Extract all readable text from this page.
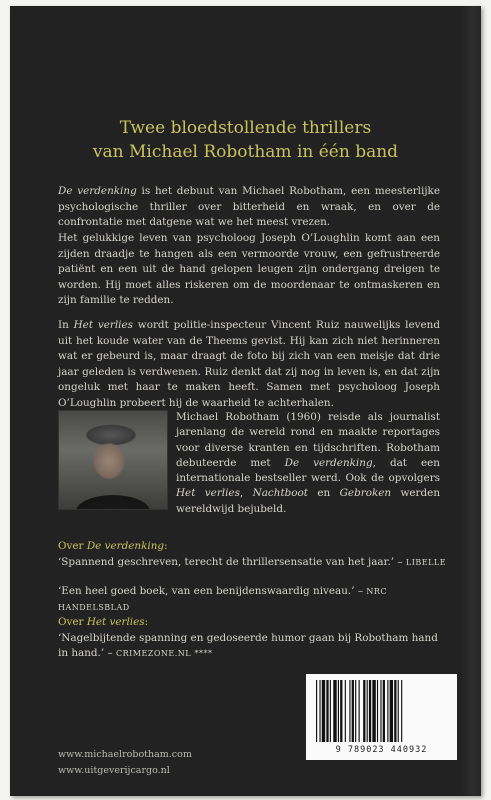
Twee bloedstollende thrillers
van Michael Robotham in één band

De verdenking is het debuut van Michael Robotham, een meesterlijke psychologische thriller over bitterheid en wraak, en over de confrontatie met datgene wat we het meest vrezen.

Het gelukkige leven van psycholoog Joseph O’Loughlin komt aan een zijden draadje te hangen als een vermoorde vrouw, een gefrustreerde patiënt en een uit de hand gelopen leugen zijn ondergang dreigen te worden. Hij moet alles riskeren om de moordenaar te ontmaskeren en zijn familie te redden.

In Het verlies wordt politie-inspecteur Vincent Ruiz nauwelijks levend uit het koude water van de Theems gevist. Hij kan zich niet herinneren wat er gebeurd is, maar draagt de foto bij zich van een meisje dat drie jaar geleden is verdwenen. Ruiz denkt dat zij nog in leven is, en dat zijn ongeluk met haar te maken heeft. Samen met psycholoog Joseph O’Loughlin probeert hij de waarheid te achterhalen.

Michael Robotham (1960) reisde als journalist jarenlang de wereld rond en maakte reportages voor diverse kranten en tijdschriften. Robotham debuteerde met De verdenking, dat een internationale bestseller werd. Ook de opvolgers Het verlies, Nachtboot en Gebroken werden wereldwijd bejubeld.
Over De verdenking:
‘Spannend geschreven, terecht de thrillersensatie van het jaar.’ – LIBELLE
‘Een heel goed boek, van een benijdenswaardig niveau.’ – NRC HANDELSBLAD
Over Het verlies:
‘Nagelbijtende spanning en gedoseerde humor gaan bij Robotham hand in hand.’ – CRIMEZONE.NL ****
9 789023 440932
www.michaelrobotham.com
www.uitgeverijcargo.nl
